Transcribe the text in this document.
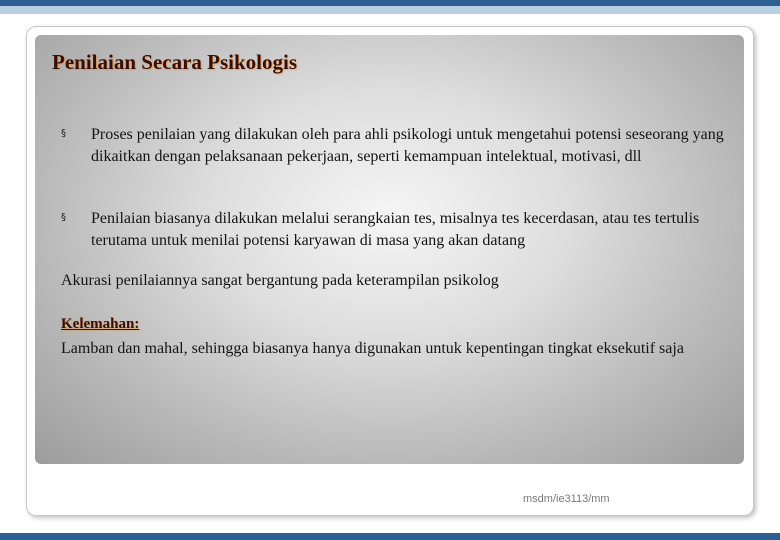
Penilaian Secara Psikologis
§ Proses penilaian yang dilakukan oleh para ahli psikologi untuk mengetahui potensi seseorang yang dikaitkan dengan pelaksanaan pekerjaan, seperti kemampuan intelektual, motivasi, dll

§ Penilaian biasanya dilakukan melalui serangkaian tes, misalnya tes kecerdasan, atau tes tertulis terutama untuk menilai potensi karyawan di masa yang akan datang

Akurasi penilaiannya sangat bergantung pada keterampilan psikolog

Kelemahan:

Lamban dan mahal, sehingga biasanya hanya digunakan untuk kepentingan tingkat eksekutif saja

msdm/ie3113/mm
